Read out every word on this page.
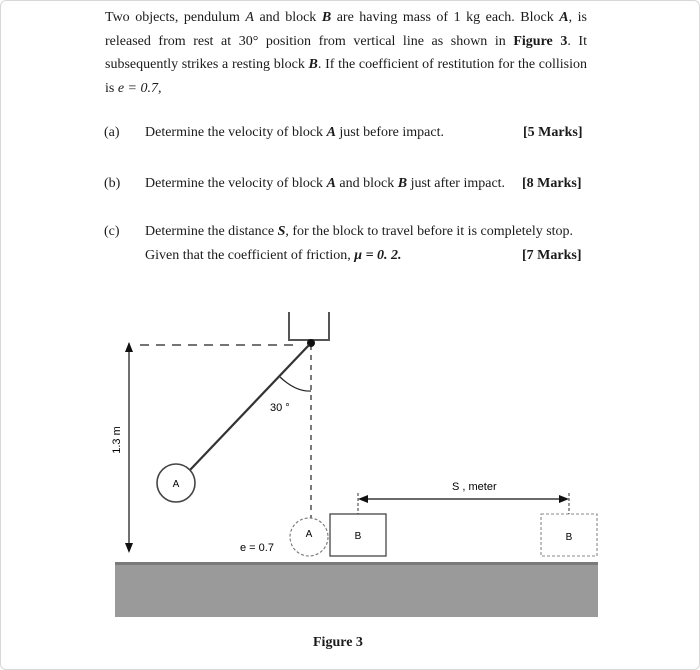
Two objects, pendulum A and block B are having mass of 1 kg each. Block A, is released from rest at 30° position from vertical line as shown in Figure 3. It subsequently strikes a resting block B. If the coefficient of restitution for the collision is e = 0.7,
(a) Determine the velocity of block A just before impact.	[5 Marks]
(b) Determine the velocity of block A and block B just after impact. [8 Marks]
(c) Determine the distance S, for the block to travel before it is completely stop.
Given that the coefficient of friction, μ = 0. 2.	[7 Marks]
1.3 m
30 °
A
A
e = 0.7
B	B
S , meter
Figure 3
